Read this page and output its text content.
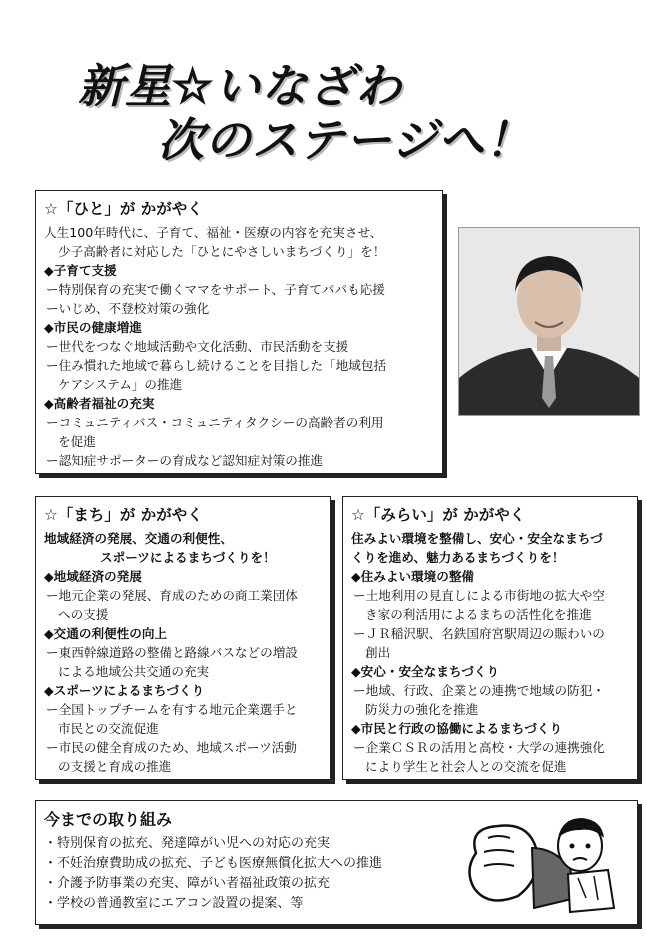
新星☆いなざわ
次のステージへ！
☆「ひと」が かがやく
人生100年時代に、子育て、福祉・医療の内容を充実させ、
少子高齢者に対応した「ひとにやさしいまちづくり」を！
◆子育て支援
ー特別保育の充実で働くママをサポート、子育てパパも応援
ーいじめ、不登校対策の強化
◆市民の健康増進
ー世代をつなぐ地域活動や文化活動、市民活動を支援
ー住み慣れた地域で暮らし続けることを目指した「地域包括
ケアシステム」の推進
◆高齢者福祉の充実
ーコミュニティバス・コミュニティタクシーの高齢者の利用
を促進
ー認知症サポーターの育成など認知症対策の推進
☆「まち」が かがやく
地域経済の発展、交通の利便性、
スポーツによるまちづくりを！
◆地域経済の発展
ー地元企業の発展、育成のための商工業団体
への支援
◆交通の利便性の向上
ー東西幹線道路の整備と路線バスなどの増設
による地域公共交通の充実
◆スポーツによるまちづくり
ー全国トップチームを有する地元企業選手と
市民との交流促進
ー市民の健全育成のため、地域スポーツ活動
の支援と育成の推進
☆「みらい」が かがやく
住みよい環境を整備し、安心・安全なまちづ
くりを進め、魅力あるまちづくりを！
◆住みよい環境の整備
ー土地利用の見直しによる市街地の拡大や空
き家の利活用によるまちの活性化を推進
ーＪＲ稲沢駅、名鉄国府宮駅周辺の賑わいの
創出
◆安心・安全なまちづくり
ー地域、行政、企業との連携で地域の防犯・
防災力の強化を推進
◆市民と行政の協働によるまちづくり
ー企業ＣＳＲの活用と高校・大学の連携強化
により学生と社会人との交流を促進
今までの取り組み
・特別保育の拡充、発達障がい児への対応の充実
・不妊治療費助成の拡充、子ども医療無償化拡大への推進
・介護予防事業の充実、障がい者福祉政策の拡充
・学校の普通教室にエアコン設置の提案、等
